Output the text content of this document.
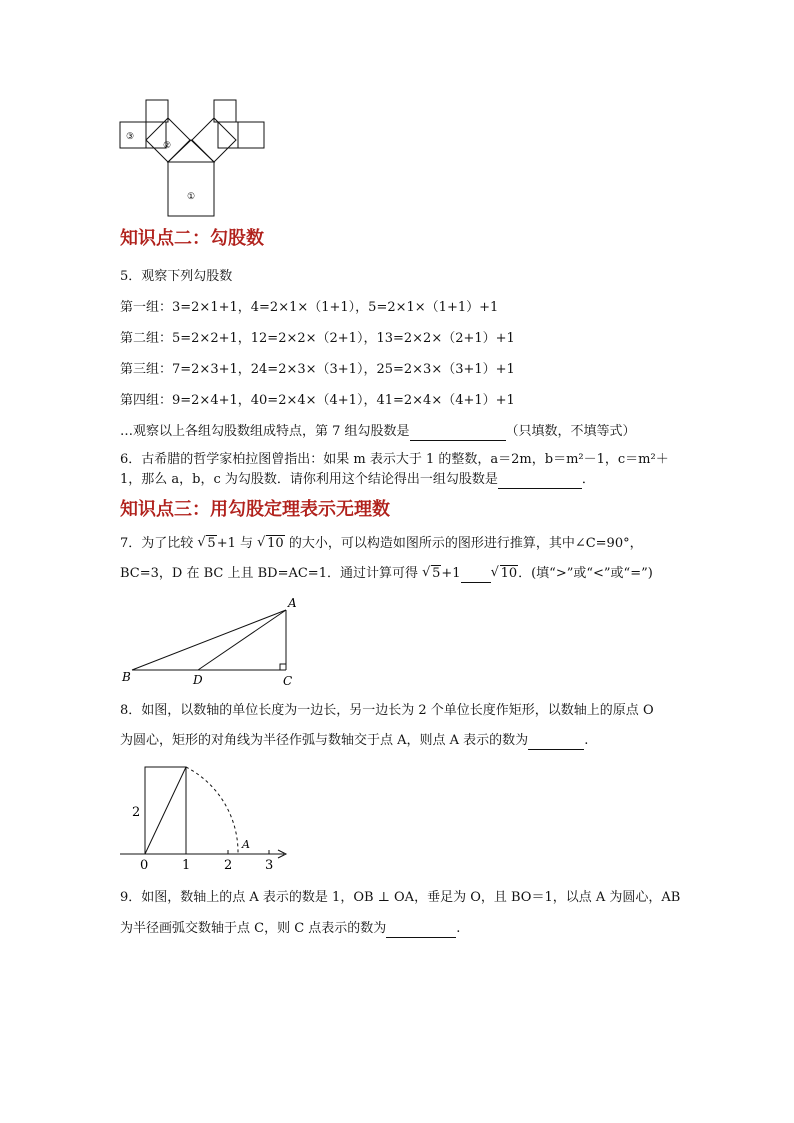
③
②
①
知识点二：勾股数
5．观察下列勾股数
第一组：3=2×1+1，4=2×1×（1+1），5=2×1×（1+1）+1
第二组：5=2×2+1，12=2×2×（2+1），13=2×2×（2+1）+1
第三组：7=2×3+1，24=2×3×（3+1），25=2×3×（3+1）+1
第四组：9=2×4+1，40=2×4×（4+1），41=2×4×（4+1）+1
…观察以上各组勾股数组成特点，第 7 组勾股数是	（只填数，不填等式）
6．古希腊的哲学家柏拉图曾指出：如果 m 表示大于 1 的整数，a＝2m，b＝m²－1，c＝m²＋
1，那么 a，b，c 为勾股数．请你利用这个结论得出一组勾股数是	．
知识点三：用勾股定理表示无理数
7．为了比较 √ 5+1 与 √ 10 的大小，可以构造如图所示的图形进行推算，其中∠C=90°，
BC=3，D 在 BC 上且 BD=AC=1．通过计算可得 √ 5+1	√ 10．(填“>”或“<”或“=”)
A
B	C
D
8．如图，以数轴的单位长度为一边长，另一边长为 2 个单位长度作矩形，以数轴上的原点 O
为圆心，矩形的对角线为半径作弧与数轴交于点 A，则点 A 表示的数为	.
2
0	1	2	3
A
9．如图，数轴上的点 A 表示的数是 1，OB ⊥ OA，垂足为 O，且 BO＝1，以点 A 为圆心，AB
为半径画弧交数轴于点 C，则 C 点表示的数为	.
